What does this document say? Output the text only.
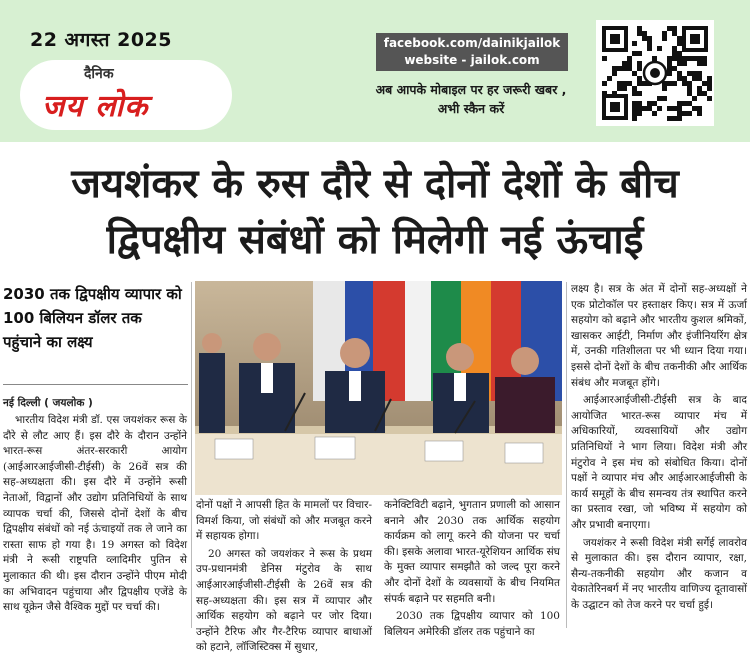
22 अगस्त 2025
दैनिक
जय लोक
facebook.com/dainikjailok
website - jailok.com
अब आपके मोबाइल पर हर जरूरी खबर , अभी स्कैन करें
जयशंकर के रुस दौरे से दोनों देशों के बीच
द्विपक्षीय संबंधों को मिलेगी नई ऊंचाई
2030 तक द्विपक्षीय व्यापार को 100 बिलियन डॉलर तक पहुंचाने का लक्ष्य
नई दिल्ली ( जयलोक )

भारतीय विदेश मंत्री डॉ. एस जयशंकर रूस के दौरे से लौट आए हैं। इस दौरे के दौरान उन्होंने भारत-रूस अंतर-सरकारी आयोग (आईआरआईजीसी-टीईसी) के 26वें सत्र की सह-अध्यक्षता की। इस दौरे में उन्होंने रूसी नेताओं, विद्वानों और उद्योग प्रतिनिधियों के साथ व्यापक चर्चा की, जिससे दोनों देशों के बीच द्विपक्षीय संबंधों को नई ऊंचाइयों तक ले जाने का रास्ता साफ हो गया है। 19 अगस्त को विदेश मंत्री ने रूसी राष्ट्रपति व्लादिमीर पुतिन से मुलाकात की थी। इस दौरान उन्होंने पीएम मोदी का अभिवादन पहुंचाया और द्विपक्षीय एजेंडे के साथ यूक्रेन जैसे वैश्विक मुद्दों पर चर्चा की।

दोनों पक्षों ने आपसी हित के मामलों पर विचार-विमर्श किया, जो संबंधों को और मजबूत करने में सहायक होगा।

20 अगस्त को जयशंकर ने रूस के प्रथम उप-प्रधानमंत्री डेनिस मंटुरोव के साथ आईआरआईजीसी-टीईसी के 26वें सत्र की सह-अध्यक्षता की। इस सत्र में व्यापार और आर्थिक सहयोग को बढ़ाने पर जोर दिया। उन्होंने टैरिफ और गैर-टैरिफ व्यापार बाधाओं को हटाने, लॉजिस्टिक्स में सुधार,

कनेक्टिविटी बढ़ाने, भुगतान प्रणाली को आसान बनाने और 2030 तक आर्थिक सहयोग कार्यक्रम को लागू करने की योजना पर चर्चा की। इसके अलावा भारत-यूरेशियन आर्थिक संघ के मुक्त व्यापार समझौते को जल्द पूरा करने और दोनों देशों के व्यवसायों के बीच नियमित संपर्क बढ़ाने पर सहमति बनी।

2030 तक द्विपक्षीय व्यापार को 100 बिलियन अमेरिकी डॉलर तक पहुंचाने का

लक्ष्य है। सत्र के अंत में दोनों सह-अध्यक्षों ने एक प्रोटोकॉल पर हस्ताक्षर किए। सत्र में ऊर्जा सहयोग को बढ़ाने और भारतीय कुशल श्रमिकों, खासकर आईटी, निर्माण और इंजीनियरिंग क्षेत्र में, उनकी गतिशीलता पर भी ध्यान दिया गया। इससे दोनों देशों के बीच तकनीकी और आर्थिक संबंध और मजबूत होंगे।

आईआरआईजीसी-टीईसी सत्र के बाद आयोजित भारत-रूस व्यापार मंच में अधिकारियों, व्यवसायियों और उद्योग प्रतिनिधियों ने भाग लिया। विदेश मंत्री और मंटुरोव ने इस मंच को संबोधित किया। दोनों पक्षों ने व्यापार मंच और आईआरआईजीसी के कार्य समूहों के बीच समन्वय तंत्र स्थापित करने का प्रस्ताव रखा, जो भविष्य में सहयोग को और प्रभावी बनाएगा।

जयशंकर ने रूसी विदेश मंत्री सर्गेई लावरोव से मुलाकात की। इस दौरान व्यापार, रक्षा, सैन्य-तकनीकी सहयोग और कजान व येकातेरिनबर्ग में नए भारतीय वाणिज्य दूतावासों के उद्घाटन को तेज करने पर चर्चा हुई।
